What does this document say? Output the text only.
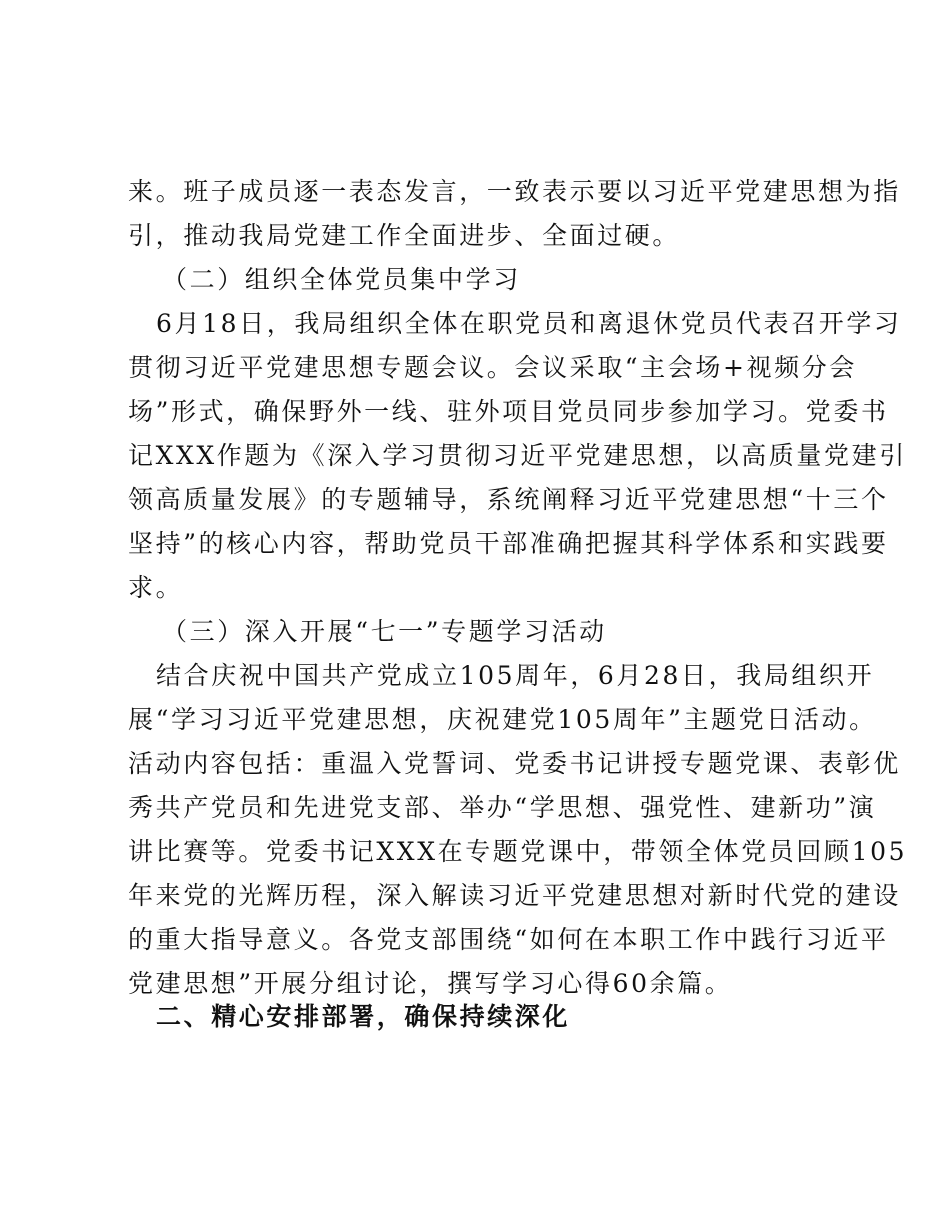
来。班子成员逐一表态发言，一致表示要以习近平党建思想为指
引，推动我局党建工作全面进步、全面过硬。
（二）组织全体党员集中学习
6月18日，我局组织全体在职党员和离退休党员代表召开学习
贯彻习近平党建思想专题会议。会议采取“主会场+视频分会
场”形式，确保野外一线、驻外项目党员同步参加学习。党委书
记XXX作题为《深入学习贯彻习近平党建思想，以高质量党建引
领高质量发展》的专题辅导，系统阐释习近平党建思想“十三个
坚持”的核心内容，帮助党员干部准确把握其科学体系和实践要
求。
（三）深入开展“七一”专题学习活动
结合庆祝中国共产党成立105周年，6月28日，我局组织开
展“学习习近平党建思想，庆祝建党105周年”主题党日活动。
活动内容包括：重温入党誓词、党委书记讲授专题党课、表彰优
秀共产党员和先进党支部、举办“学思想、强党性、建新功”演
讲比赛等。党委书记XXX在专题党课中，带领全体党员回顾105
年来党的光辉历程，深入解读习近平党建思想对新时代党的建设
的重大指导意义。各党支部围绕“如何在本职工作中践行习近平
党建思想”开展分组讨论，撰写学习心得60余篇。
二、精心安排部署，确保持续深化
